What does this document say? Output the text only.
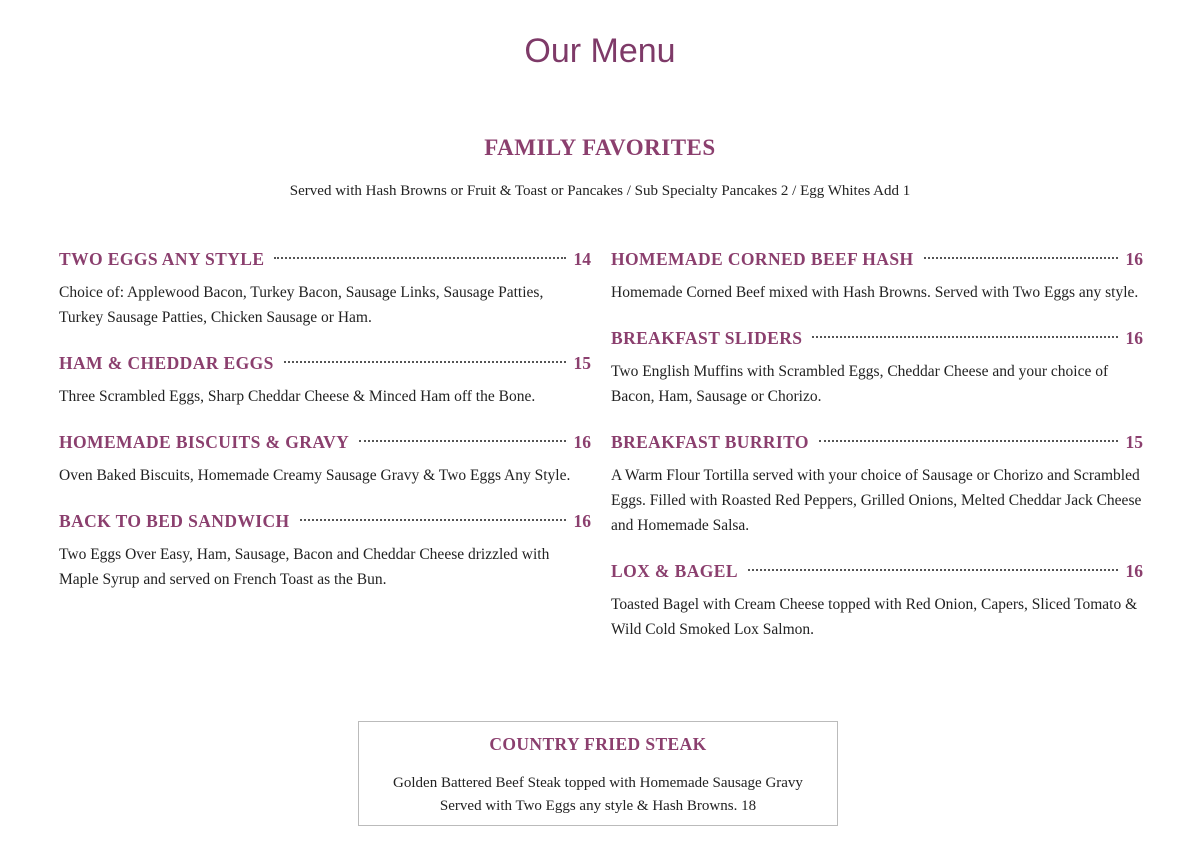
Our Menu
FAMILY FAVORITES

Served with Hash Browns or Fruit & Toast or Pancakes / Sub Specialty Pancakes 2 / Egg Whites Add 1

TWO EGGS ANY STYLE	14

Choice of: Applewood Bacon, Turkey Bacon, Sausage Links, Sausage Patties, Turkey Sausage Patties, Chicken Sausage or Ham.

HAM & CHEDDAR EGGS	15

Three Scrambled Eggs, Sharp Cheddar Cheese & Minced Ham off the Bone.

HOMEMADE BISCUITS & GRAVY	16

Oven Baked Biscuits, Homemade Creamy Sausage Gravy & Two Eggs Any Style.

BACK TO BED SANDWICH	16

Two Eggs Over Easy, Ham, Sausage, Bacon and Cheddar Cheese drizzled with Maple Syrup and served on French Toast as the Bun.

HOMEMADE CORNED BEEF HASH	16

Homemade Corned Beef mixed with Hash Browns. Served with Two Eggs any style.

BREAKFAST SLIDERS	16

Two English Muffins with Scrambled Eggs, Cheddar Cheese and your choice of Bacon, Ham, Sausage or Chorizo.

BREAKFAST BURRITO	15

A Warm Flour Tortilla served with your choice of Sausage or Chorizo and Scrambled Eggs. Filled with Roasted Red Peppers, Grilled Onions, Melted Cheddar Jack Cheese and Homemade Salsa.

LOX & BAGEL	16

Toasted Bagel with Cream Cheese topped with Red Onion, Capers, Sliced Tomato & Wild Cold Smoked Lox Salmon.

COUNTRY FRIED STEAK
Golden Battered Beef Steak topped with Homemade Sausage Gravy
Served with Two Eggs any style & Hash Browns. 18
